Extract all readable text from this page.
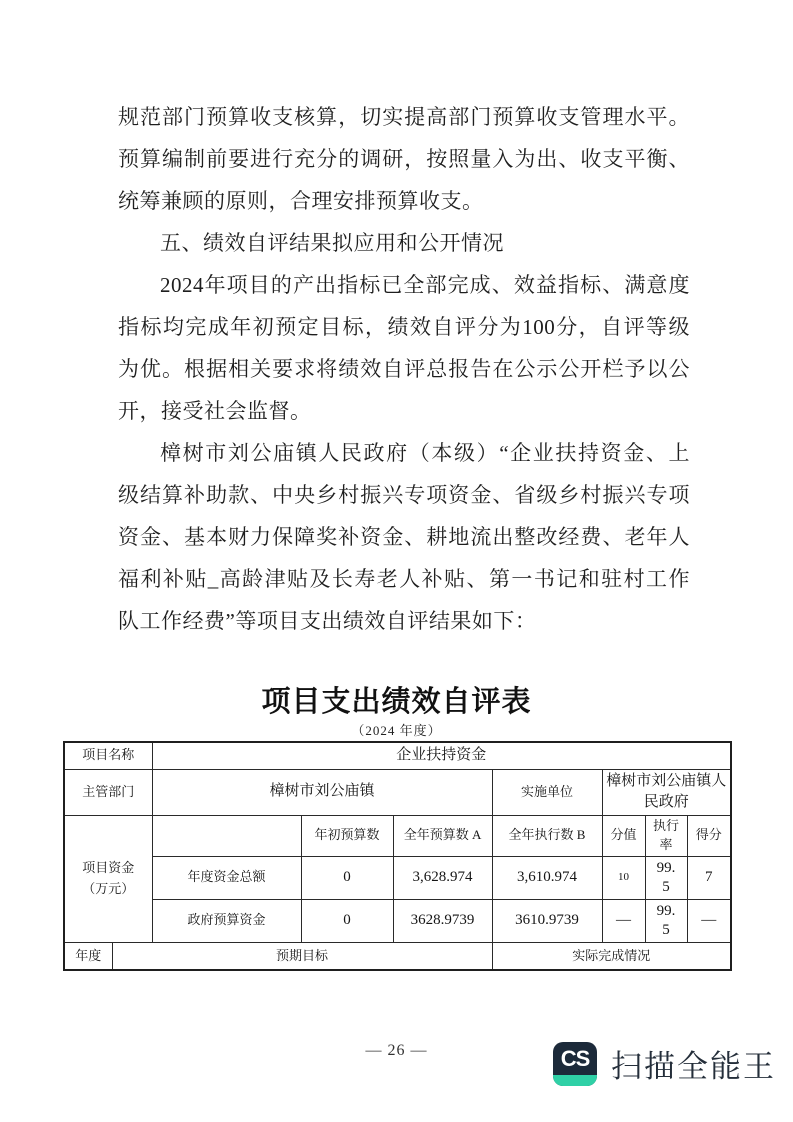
规范部门预算收支核算，切实提高部门预算收支管理水平。
预算编制前要进行充分的调研，按照量入为出、收支平衡、
统筹兼顾的原则，合理安排预算收支。
五、绩效自评结果拟应用和公开情况
2024年项目的产出指标已全部完成、效益指标、满意度
指标均完成年初预定目标，绩效自评分为100分，自评等级
为优。根据相关要求将绩效自评总报告在公示公开栏予以公
开，接受社会监督。
樟树市刘公庙镇人民政府（本级）“企业扶持资金、上
级结算补助款、中央乡村振兴专项资金、省级乡村振兴专项
资金、基本财力保障奖补资金、耕地流出整改经费、老年人
福利补贴_高龄津贴及长寿老人补贴、第一书记和驻村工作
队工作经费”等项目支出绩效自评结果如下：
项目支出绩效自评表
（2024 年度）
项目名称		企业扶持资金						
主管部门		樟树市刘公庙镇			实施单位	樟树市刘公庙镇人民政府		

项目资金
（万元）			年初预算数	全年预算数 A	全年执行数 B	分值	执行率	得分
		年度资金总额	0	3,628.974	3,610.974	10	99.5	7
		政府预算资金	0	3628.9739	3610.9739	—	99.5	—
年度	预期目标				实际完成情况			
— 26 —	CS 扫描全能王
